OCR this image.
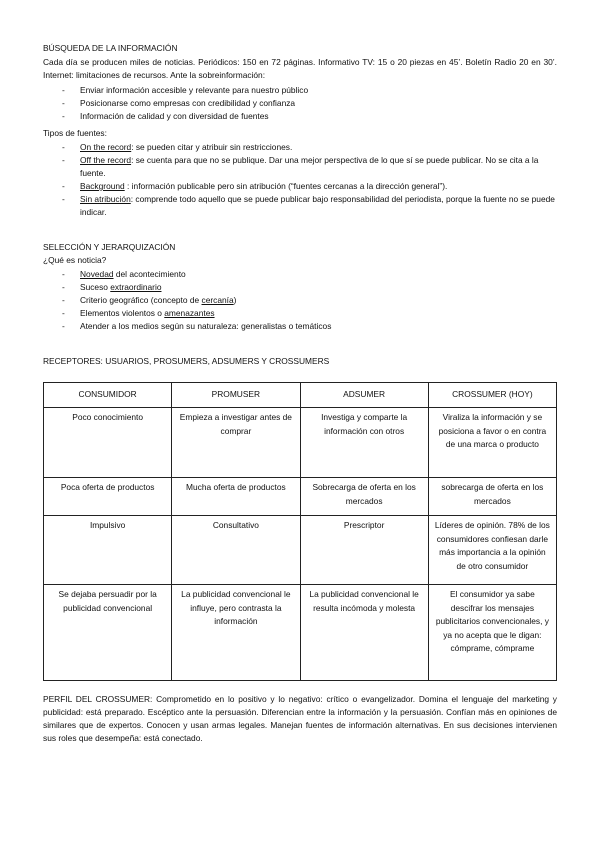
BÚSQUEDA DE LA INFORMACIÓN
Cada día se producen miles de noticias. Periódicos: 150 en 72 páginas. Informativo TV: 15 o 20 piezas en 45’. Boletín Radio 20 en 30’. Internet: limitaciones de recursos. Ante la sobreinformación:
- Enviar información accesible y relevante para nuestro público
- Posicionarse como empresas con credibilidad y confianza
- Información de calidad y con diversidad de fuentes
Tipos de fuentes:
- On the record: se pueden citar y atribuir sin restricciones.
- Off the record: se cuenta para que no se publique. Dar una mejor perspectiva de lo que sí se puede publicar. No se cita a la fuente.
- Background : información publicable pero sin atribución (“fuentes cercanas a la dirección general”).
- Sin atribución: comprende todo aquello que se puede publicar bajo responsabilidad del periodista, porque la fuente no se puede indicar.
SELECCIÓN Y JERARQUIZACIÓN
¿Qué es noticia?
- Novedad del acontecimiento
- Suceso extraordinario
- Criterio geográfico (concepto de cercanía)
- Elementos violentos o amenazantes
- Atender a los medios según su naturaleza: generalistas o temáticos
RECEPTORES: USUARIOS, PROSUMERS, ADSUMERS Y CROSSUMERS
CONSUMIDOR	PROMUSER	ADSUMER	CROSSUMER (HOY)
Poco conocimiento	Empieza a investigar antes de comprar	Investiga y comparte la información con otros	Viraliza la información y se posiciona a favor o en contra de una marca o producto
Poca oferta de productos	Mucha oferta de productos	Sobrecarga de oferta en los mercados	sobrecarga de oferta en los mercados
Impulsivo	Consultativo	Prescriptor	Líderes de opinión. 78% de los consumidores confiesan darle más importancia a la opinión de otro consumidor
Se dejaba persuadir por la publicidad convencional	La publicidad convencional le influye, pero contrasta la información	La publicidad convencional le resulta incómoda y molesta	El consumidor ya sabe descifrar los mensajes publicitarios convencionales, y ya no acepta que le digan: cómprame, cómprame
PERFIL DEL CROSSUMER: Comprometido en lo positivo y lo negativo: crítico o evangelizador. Domina el lenguaje del marketing y publicidad: está preparado. Escéptico ante la persuasión. Diferencian entre la información y la persuasión. Confían más en opiniones de similares que de expertos. Conocen y usan armas legales. Manejan fuentes de información alternativas. En sus decisiones intervienen sus roles que desempeña: está conectado.
